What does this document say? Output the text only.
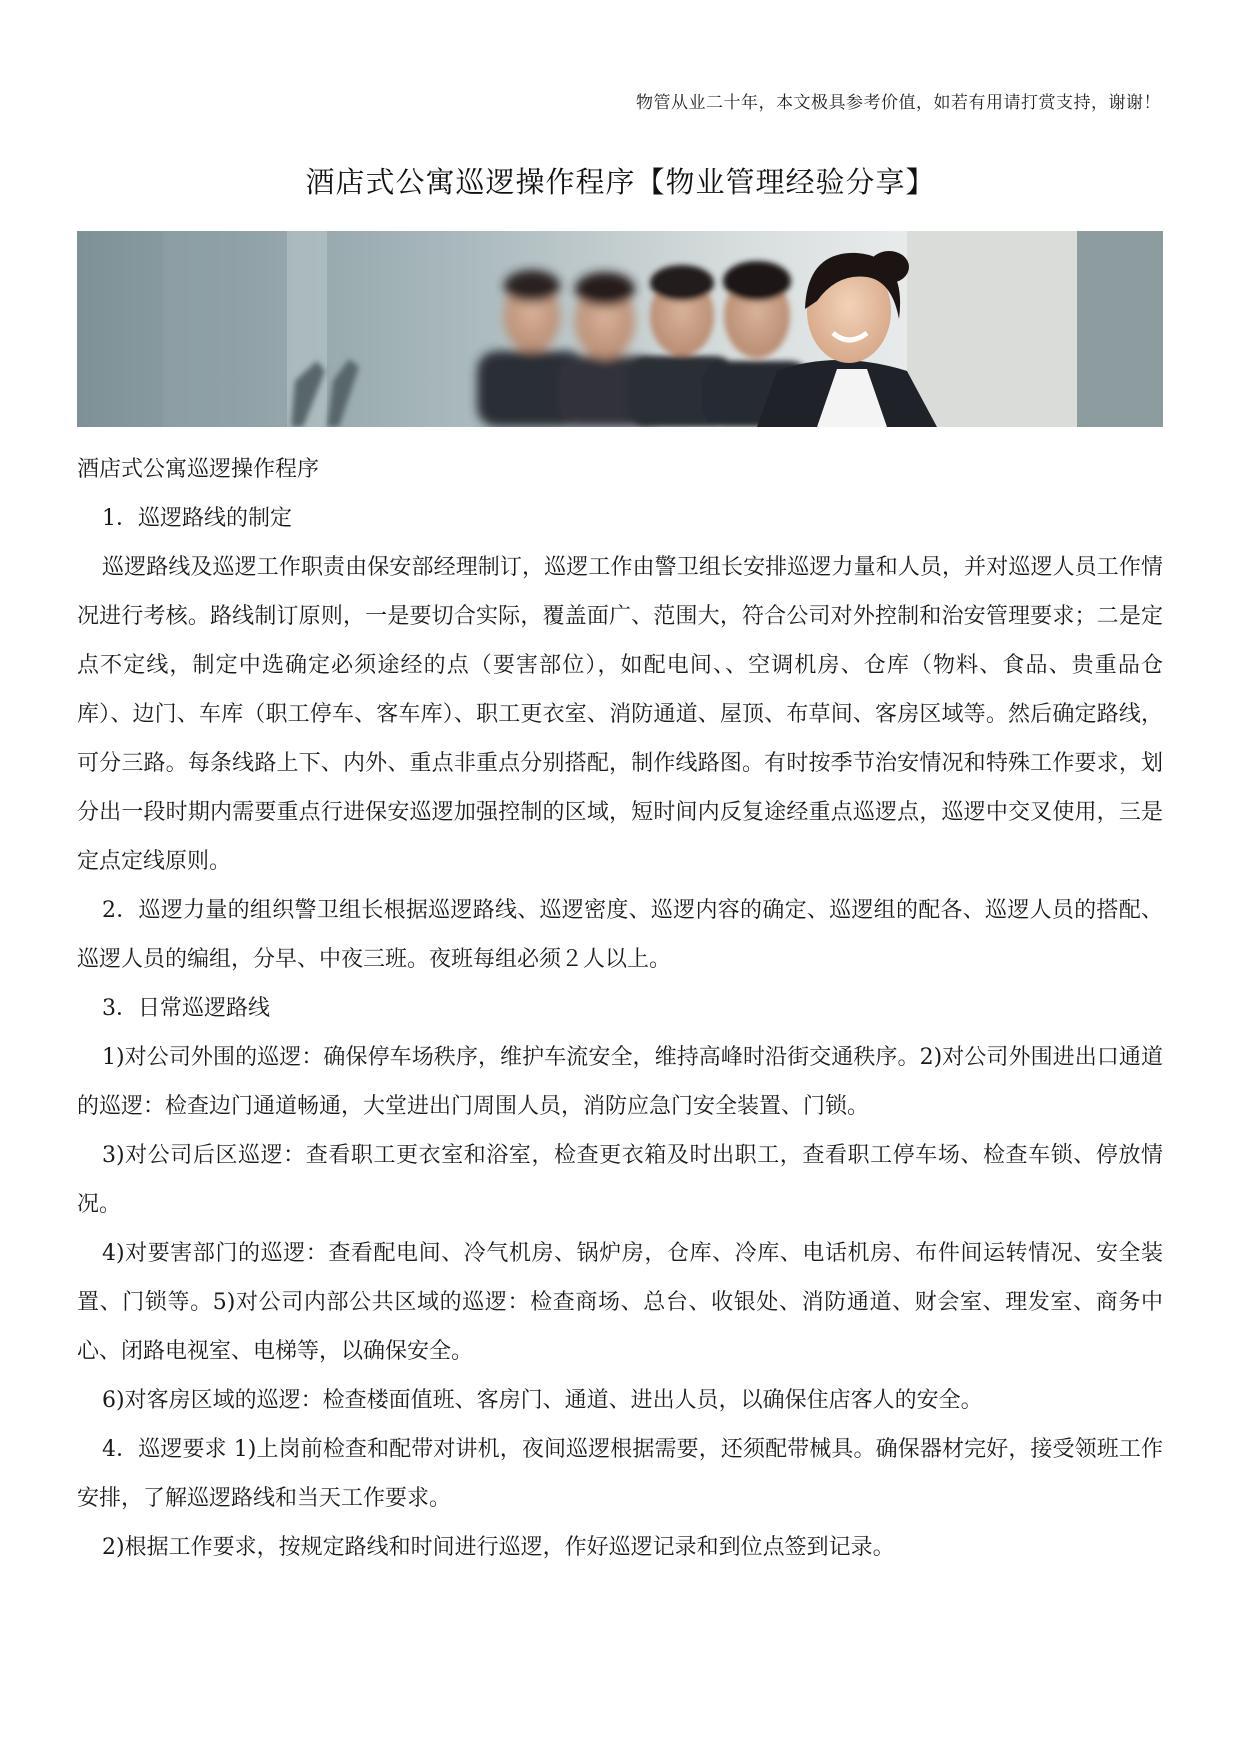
物管从业二十年，本文极具参考价值，如若有用请打赏支持，谢谢！
酒店式公寓巡逻操作程序【物业管理经验分享】

酒店式公寓巡逻操作程序

1．巡逻路线的制定

巡逻路线及巡逻工作职责由保安部经理制订，巡逻工作由警卫组长安排巡逻力量和人员，并对巡逻人员工作情况进行考核。路线制订原则，一是要切合实际，覆盖面广、范围大，符合公司对外控制和治安管理要求；二是定点不定线，制定中选确定必须途经的点（要害部位），如配电间、、空调机房、仓库（物料、食品、贵重品仓库）、边门、车库（职工停车、客车库）、职工更衣室、消防通道、屋顶、布草间、客房区域等。然后确定路线，可分三路。每条线路上下、内外、重点非重点分别搭配，制作线路图。有时按季节治安情况和特殊工作要求，划分出一段时期内需要重点行进保安巡逻加强控制的区域，短时间内反复途经重点巡逻点，巡逻中交叉使用，三是定点定线原则。

2．巡逻力量的组织警卫组长根据巡逻路线、巡逻密度、巡逻内容的确定、巡逻组的配各、巡逻人员的搭配、巡逻人员的编组，分早、中夜三班。夜班每组必须２人以上。

3．日常巡逻路线

1)对公司外围的巡逻：确保停车场秩序，维护车流安全，维持高峰时沿街交通秩序。2)对公司外围进出口通道的巡逻：检查边门通道畅通，大堂进出门周围人员，消防应急门安全装置、门锁。

3)对公司后区巡逻：查看职工更衣室和浴室，检查更衣箱及时出职工，查看职工停车场、检查车锁、停放情况。

4)对要害部门的巡逻：查看配电间、冷气机房、锅炉房，仓库、冷库、电话机房、布件间运转情况、安全装置、门锁等。5)对公司内部公共区域的巡逻：检查商场、总台、收银处、消防通道、财会室、理发室、商务中心、闭路电视室、电梯等，以确保安全。

6)对客房区域的巡逻：检查楼面值班、客房门、通道、进出人员，以确保住店客人的安全。

4．巡逻要求 1)上岗前检查和配带对讲机，夜间巡逻根据需要，还须配带械具。确保器材完好，接受领班工作安排，了解巡逻路线和当天工作要求。

2)根据工作要求，按规定路线和时间进行巡逻，作好巡逻记录和到位点签到记录。
